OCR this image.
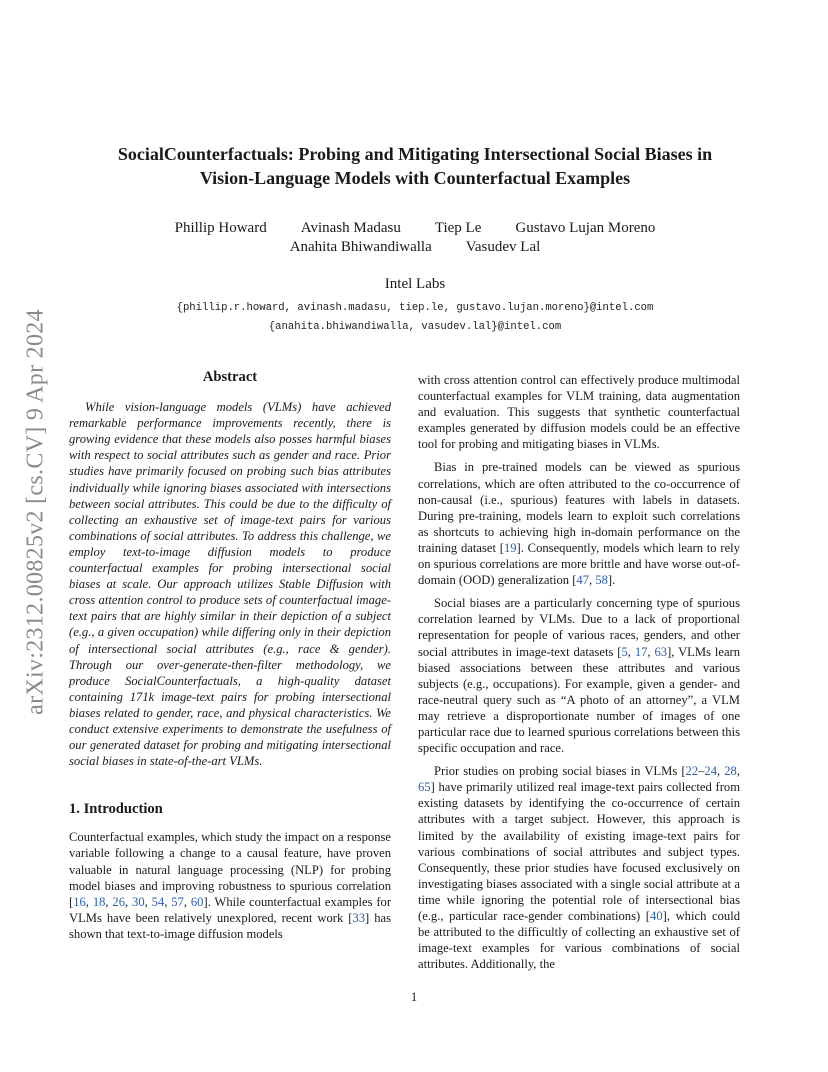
arXiv:2312.00825v2 [cs.CV] 9 Apr 2024
SocialCounterfactuals: Probing and Mitigating Intersectional Social Biases in
Vision-Language Models with Counterfactual Examples
Phillip Howard Avinash Madasu Tiep Le Gustavo Lujan Moreno
Anahita Bhiwandiwalla Vasudev Lal
Intel Labs
{phillip.r.howard, avinash.madasu, tiep.le, gustavo.lujan.moreno}@intel.com
{anahita.bhiwandiwalla, vasudev.lal}@intel.com
Abstract

While vision-language models (VLMs) have achieved remarkable performance improvements recently, there is growing evidence that these models also posses harmful biases with respect to social attributes such as gender and race. Prior studies have primarily focused on probing such bias attributes individually while ignoring biases associated with intersections between social attributes. This could be due to the difficulty of collecting an exhaustive set of image-text pairs for various combinations of social attributes. To address this challenge, we employ text-to-image diffusion models to produce counterfactual examples for probing intersectional social biases at scale. Our approach utilizes Stable Diffusion with cross attention control to produce sets of counterfactual image-text pairs that are highly similar in their depiction of a subject (e.g., a given occupation) while differing only in their depiction of intersectional social attributes (e.g., race & gender). Through our over-generate-then-filter methodology, we produce SocialCounterfactuals, a high-quality dataset containing 171k image-text pairs for probing intersectional biases related to gender, race, and physical characteristics. We conduct extensive experiments to demonstrate the usefulness of our generated dataset for probing and mitigating intersectional social biases in state-of-the-art VLMs.

1. Introduction

Counterfactual examples, which study the impact on a response variable following a change to a causal feature, have proven valuable in natural language processing (NLP) for probing model biases and improving robustness to spurious correlation [16, 18, 26, 30, 54, 57, 60]. While counterfactual examples for VLMs have been relatively unexplored, recent work [33] has shown that text-to-image diffusion models

with cross attention control can effectively produce multimodal counterfactual examples for VLM training, data augmentation and evaluation. This suggests that synthetic counterfactual examples generated by diffusion models could be an effective tool for probing and mitigating biases in VLMs.

Bias in pre-trained models can be viewed as spurious correlations, which are often attributed to the co-occurrence of non-causal (i.e., spurious) features with labels in datasets. During pre-training, models learn to exploit such correlations as shortcuts to achieving high in-domain performance on the training dataset [19]. Consequently, models which learn to rely on spurious correlations are more brittle and have worse out-of-domain (OOD) generalization [47, 58].

Social biases are a particularly concerning type of spurious correlation learned by VLMs. Due to a lack of proportional representation for people of various races, genders, and other social attributes in image-text datasets [5, 17, 63], VLMs learn biased associations between these attributes and various subjects (e.g., occupations). For example, given a gender- and race-neutral query such as “A photo of an attorney”, a VLM may retrieve a disproportionate number of images of one particular race due to learned spurious correlations between this specific occupation and race.

Prior studies on probing social biases in VLMs [22–24, 28, 65] have primarily utilized real image-text pairs collected from existing datasets by identifying the co-occurrence of certain attributes with a target subject. However, this approach is limited by the availability of existing image-text pairs for various combinations of social attributes and subject types. Consequently, these prior studies have focused exclusively on investigating biases associated with a single social attribute at a time while ignoring the potential role of intersectional bias (e.g., particular race-gender combinations) [40], which could be attributed to the difficultly of collecting an exhaustive set of image-text examples for various combinations of social attributes. Additionally, the

1
